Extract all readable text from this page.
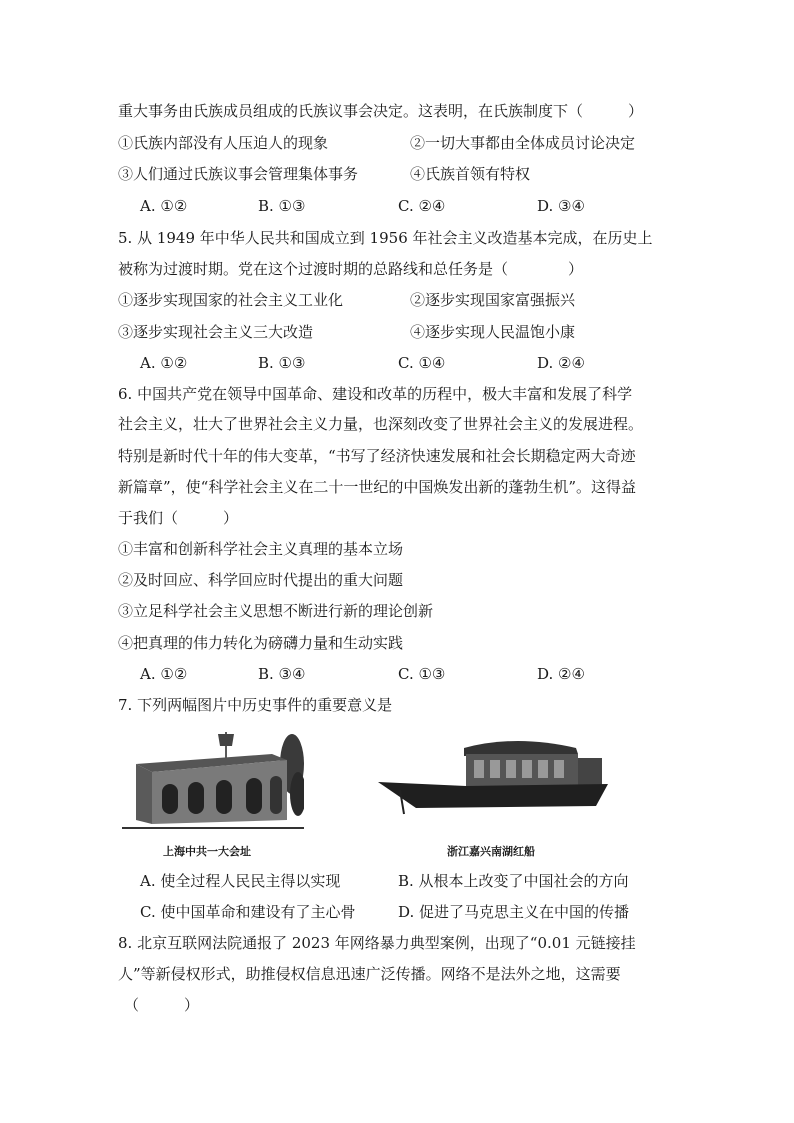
重大事务由氏族成员组成的氏族议事会决定。这表明，在氏族制度下（　　　）
①氏族内部没有人压迫人的现象	②一切大事都由全体成员讨论决定
③人们通过氏族议事会管理集体事务	④氏族首领有特权
A. ①②	B. ①③	C. ②④	D. ③④
5. 从 1949 年中华人民共和国成立到 1956 年社会主义改造基本完成，在历史上
被称为过渡时期。党在这个过渡时期的总路线和总任务是（　　　　）
①逐步实现国家的社会主义工业化	②逐步实现国家富强振兴
③逐步实现社会主义三大改造	④逐步实现人民温饱小康
A. ①②	B. ①③	C. ①④	D. ②④
6. 中国共产党在领导中国革命、建设和改革的历程中，极大丰富和发展了科学
社会主义，壮大了世界社会主义力量，也深刻改变了世界社会主义的发展进程。
特别是新时代十年的伟大变革，“书写了经济快速发展和社会长期稳定两大奇迹
新篇章”，使“科学社会主义在二十一世纪的中国焕发出新的蓬勃生机”。这得益
于我们（　　　）
①丰富和创新科学社会主义真理的基本立场
②及时回应、科学回应时代提出的重大问题
③立足科学社会主义思想不断进行新的理论创新
④把真理的伟力转化为磅礴力量和生动实践
A. ①②	B. ③④	C. ①③	D. ②④
7. 下列两幅图片中历史事件的重要意义是
上海中共一大会址	浙江嘉兴南湖红船
A. 使全过程人民民主得以实现	B. 从根本上改变了中国社会的方向
C. 使中国革命和建设有了主心骨	D. 促进了马克思主义在中国的传播
8. 北京互联网法院通报了 2023 年网络暴力典型案例，出现了“0.01 元链接挂
人”等新侵权形式，助推侵权信息迅速广泛传播。网络不是法外之地，这需要
（　　　）
